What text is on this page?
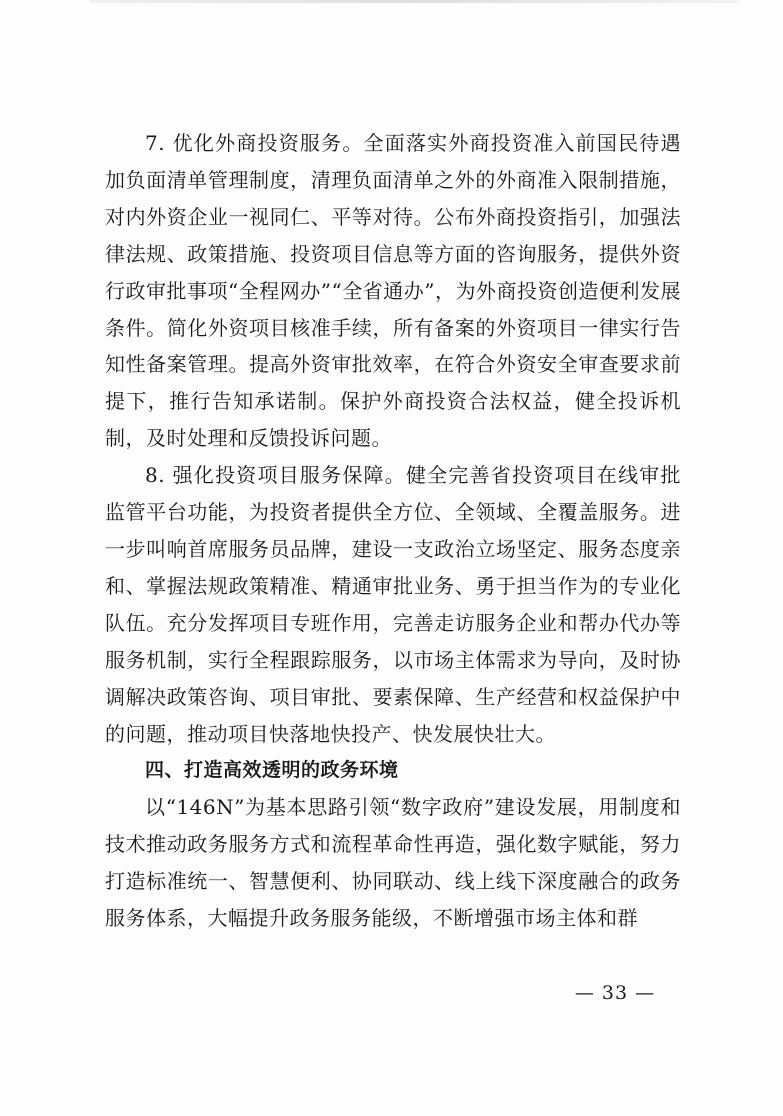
7. 优化外商投资服务。全面落实外商投资准入前国民待遇加负面清单管理制度，清理负面清单之外的外商准入限制措施，对内外资企业一视同仁、平等对待。公布外商投资指引，加强法律法规、政策措施、投资项目信息等方面的咨询服务，提供外资行政审批事项“全程网办”“全省通办”，为外商投资创造便利发展条件。简化外资项目核准手续，所有备案的外资项目一律实行告知性备案管理。提高外资审批效率，在符合外资安全审查要求前提下，推行告知承诺制。保护外商投资合法权益，健全投诉机制，及时处理和反馈投诉问题。

8. 强化投资项目服务保障。健全完善省投资项目在线审批监管平台功能，为投资者提供全方位、全领域、全覆盖服务。进一步叫响首席服务员品牌，建设一支政治立场坚定、服务态度亲和、掌握法规政策精准、精通审批业务、勇于担当作为的专业化队伍。充分发挥项目专班作用，完善走访服务企业和帮办代办等服务机制，实行全程跟踪服务，以市场主体需求为导向，及时协调解决政策咨询、项目审批、要素保障、生产经营和权益保护中的问题，推动项目快落地快投产、快发展快壮大。

四、打造高效透明的政务环境

以“146N”为基本思路引领“数字政府”建设发展，用制度和技术推动政务服务方式和流程革命性再造，强化数字赋能，努力打造标准统一、智慧便利、协同联动、线上线下深度融合的政务服务体系，大幅提升政务服务能级，不断增强市场主体和群

— 33 —
